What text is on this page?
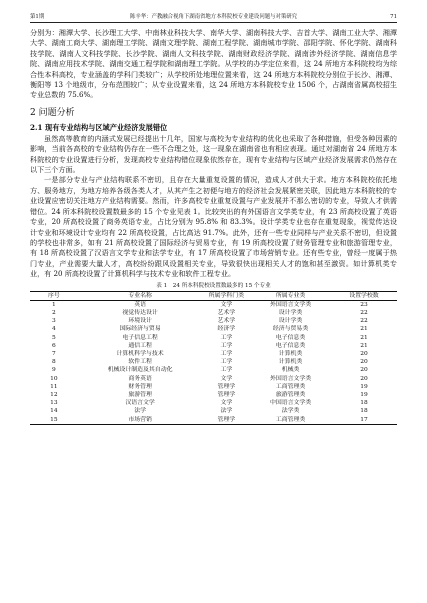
第1期	陈辛华：产教融合视角下湖南省地方本科院校专业建设问题与对策研究	71

分别为：湘潭大学、长沙理工大学、中南林业科技大学、南华大学、湖南科技大学、吉首大学、湖南工业大学、湘潭大学、湖南工商大学、湖南理工学院、湖南文理学院、湖南工程学院、湖南城市学院、邵阳学院、怀化学院、湖南科技学院、湖南人文科技学院、长沙学院、湖南人文科技学院、湖南财政经济学院、湖南涉外经济学院、湖南信息学院、湖南应用技术学院、湖南交通工程学院和湖南理工学院。从学校的办学定位来看，这 24 所地方本科院校均为综合性本科高校，专业涵盖的学科门类较广；从学校所处地理位置来看，这 24 所地方本科院校分别位于长沙、湘潭、衡阳等 13 个地级市，分布范围较广；从专业设置来看，这 24 所地方本科院校专业 1506 个，占湖南省属高校招生专业总数的 75.6%。

2 问题分析
2.1 现有专业结构与区域产业经济发展错位

虽然高等教育的内涵式发展已经提出十几年，国家与高校为专业结构的优化也采取了各种措施，但受各种因素的影响，当前各高校的专业结构仍存在一些不合理之处，这一现象在湖南省也有相应表现。通过对湖南省 24 所地方本科院校的专业设置进行分析，发现高校专业结构错位现象依然存在，现有专业结构与区域产业经济发展需求仍然存在以下三个方面。

一是部分专业与产业结构联系不密切，且存在大量重复设置的情况，造成人才供大于求。地方本科院校依托地方、服务地方，为地方培养各级各类人才，从其产生之初便与地方的经济社会发展紧密关联，因此地方本科院校的专业设置应密切关注地方产业结构需要。然而，许多高校专业重复设置与产业发展并不那么密切的专业，导致人才供需错位。24 所本科院校设置数最多的 15 个专业见表 1。比较突出的有外国语言文学类专业，有 23 所高校设置了英语专业，20 所高校设置了商务英语专业，占比分别为 95.8% 和 83.3%。设计学类专业也存在重复现象，视觉传达设计专业和环境设计专业均有 22 所高校设置，占比高达 91.7%。此外，还有一些专业同样与产业关系不密切，但设置的学校也非常多，如有 21 所高校设置了国际经济与贸易专业，有 19 所高校设置了财务管理专业和旅游管理专业，有 18 所高校设置了汉语言文学专业和法学专业，有 17 所高校设置了市场营销专业。还有些专业，曾经一度属于热门专业，产业需要大量人才，高校纷纷跟风设置相关专业，导致很快出现相关人才的饱和甚至激资。如计算机类专业，有 20 所高校设置了计算机科学与技术专业和软件工程专业。

表 1　24 所本科院校设置数最多的 15 个专业
序号	专业名称	所属学科门类	所属专业类	设置学校数
1	英语	文学	外国语言文学类	23
2	视觉传达设计	艺术学	设计学类	22
3	环境设计	艺术学	设计学类	22
4	国际经济与贸易	经济学	经济与贸易类	21
5	电子信息工程	工学	电子信息类	21
6	通信工程	工学	电子信息类	21
7	计算机科学与技术	工学	计算机类	20
8	软件工程	工学	计算机类	20
9	机械设计制造及其自动化	工学	机械类	20
10	商务英语	文学	外国语言文学类	20
11	财务管理	管理学	工商管理类	19
12	旅游管理	管理学	旅游管理类	19
13	汉语言文学	文学	中国语言文学类	18
14	法学	法学	法学类	18
15	市场营销	管理学	工商管理类	17
